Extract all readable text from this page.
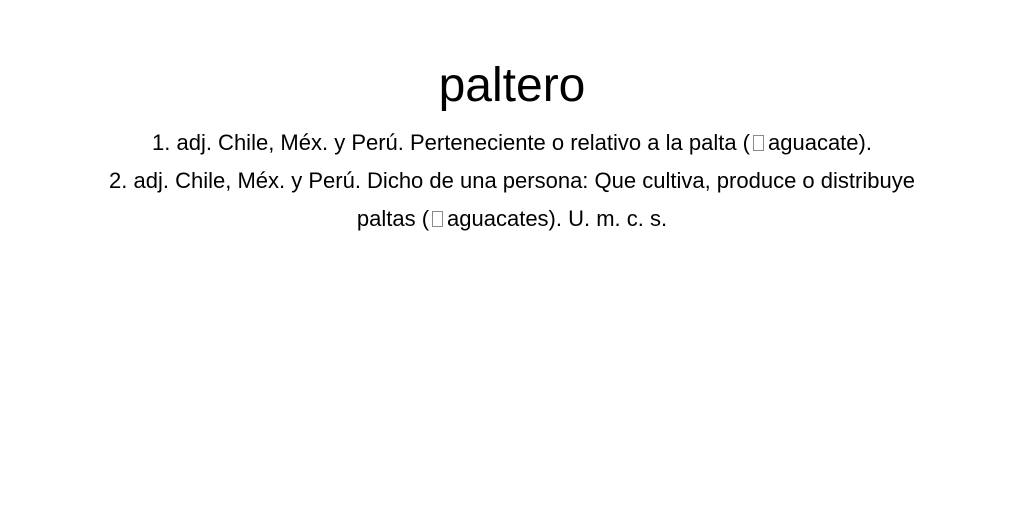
paltero
1. adj. Chile, Méx. y Perú. Perteneciente o relativo a la palta ( aguacate).
2. adj. Chile, Méx. y Perú. Dicho de una persona: Que cultiva, produce o distribuye paltas ( aguacates). U. m. c. s.
